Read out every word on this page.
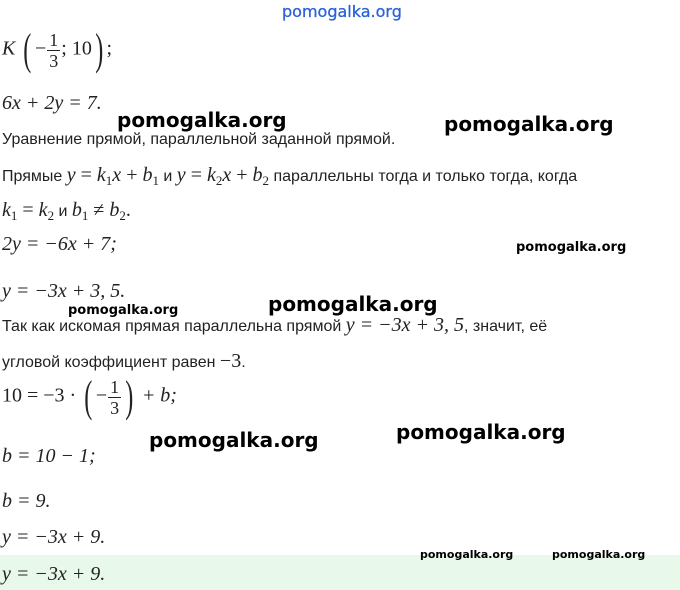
pomogalka.org
K ( − $\frac{1}{3}$ ; 10) ;
6x + 2y = 7.
Уравнение прямой, параллельной заданной прямой.
Прямые $y = k_1x + b_1$ и $y = k_2x + b_2$ параллельны тогда и только тогда, когда
$k_1 = k_2$ и $b_1 \ne b_2$.
2y = −6x + 7;
y = −3x + 3, 5.
Так как искомая прямая параллельна прямой y = −3x + 3, 5, значит, её
угловой коэффициент равен −3.
10 = −3 · ( − $\frac{1}{3}$ ) + b;
b = 10 − 1;
b = 9.
y = −3x + 9.
y = −3x + 9.
pomogalka.org	pomogalka.org
pomogalka.org
pomogalka.org
pomogalka.org
pomogalka.org	pomogalka.org
pomogalka.org	pomogalka.org
